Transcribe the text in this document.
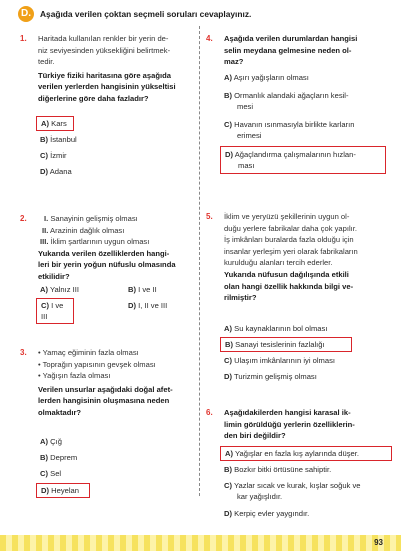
D.	Aşağıda verilen çoktan seçmeli soruları cevaplayınız.
1. Haritada kullanılan renkler bir yerin de-
niz seviyesinden yüksekliğini belirtmek-
tedir.
Türkiye fiziki haritasına göre aşağıda
verilen yerlerden hangisinin yükseltisi
diğerlerine göre daha fazladır?
A) Kars
B) İstanbul
C) İzmir
D) Adana
2.	I. Sanayinin gelişmiş olması
II. Arazinin dağlık olması
III. İklim şartlarının uygun olması
Yukarıda verilen özelliklerden hangi-
leri bir yerin yoğun nüfuslu olmasında
etkilidir?
A) Yalnız III	B) I ve II
C) I ve III
D) I, II ve III
3. • Yamaç eğiminin fazla olması
• Toprağın yapısının gevşek olması
• Yağışın fazla olması
Verilen unsurlar aşağıdaki doğal afet-
lerden hangisinin oluşmasına neden
olmaktadır?
A) Çığ
B) Deprem
C) Sel
D) Heyelan
4. Aşağıda verilen durumlardan hangisi
selin meydana gelmesine neden ol-
maz?
A) Aşırı yağışların olması
B) Ormanlık alandaki ağaçların kesil-
mesi
C) Havanın ısınmasıyla birlikte karların
erimesi
D) Ağaçlandırma çalışmalarının hızlan-
ması
5. İklim ve yeryüzü şekillerinin uygun ol-
duğu yerlere fabrikalar daha çok yapılır.
İş imkânları buralarda fazla olduğu için
insanlar yerleşim yeri olarak fabrikaların
kurulduğu alanları tercih ederler.
Yukarıda nüfusun dağılışında etkili
olan hangi özellik hakkında bilgi ve-
rilmiştir?
A) Su kaynaklarının bol olması
B) Sanayi tesislerinin fazlalığı
C) Ulaşım imkânlarının iyi olması
D) Turizmin gelişmiş olması
6. Aşağıdakilerden hangisi karasal ik-
limin görüldüğü yerlerin özelliklerin-
den biri değildir?
A) Yağışlar en fazla kış aylarında düşer.
B) Bozkır bitki örtüsüne sahiptir.
C) Yazlar sıcak ve kurak, kışlar soğuk ve
kar yağışlıdır.
D) Kerpiç evler yaygındır.
93
